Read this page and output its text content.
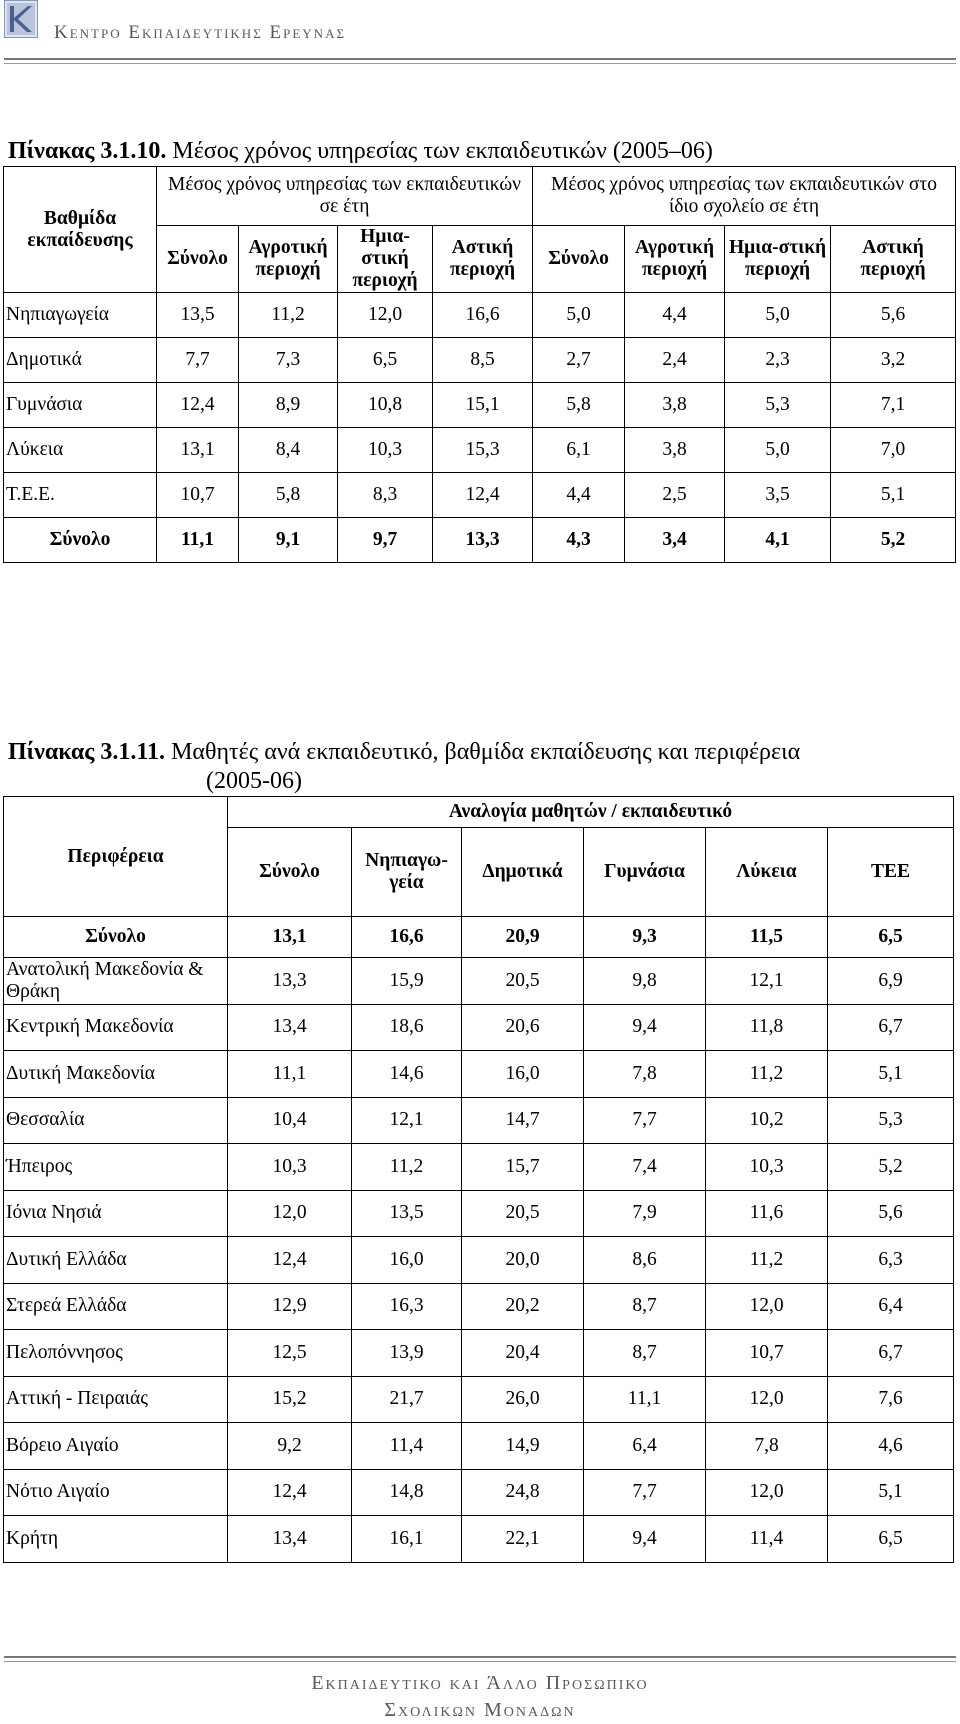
Κεντρο Εκπαιδευτικης Ερευνας
Πίνακας 3.1.10. Μέσος χρόνος υπηρεσίας των εκπαιδευτικών (2005–06)
Βαθμίδα εκπαίδευσης	Μέσος χρόνος υπηρεσίας των εκπαιδευτικών σε έτη				Μέσος χρόνος υπηρεσίας των εκπαιδευτικών στο ίδιο σχολείο σε έτη			
	Σύνολο	Αγροτική περιοχή	Ημια-στική περιοχή	Αστική περιοχή	Σύνολο	Αγροτική περιοχή	Ημια-στική περιοχή	Αστική περιοχή
Νηπιαγωγεία	13,5	11,2	12,0	16,6	5,0	4,4	5,0	5,6
Δημοτικά	7,7	7,3	6,5	8,5	2,7	2,4	2,3	3,2
Γυμνάσια	12,4	8,9	10,8	15,1	5,8	3,8	5,3	7,1
Λύκεια	13,1	8,4	10,3	15,3	6,1	3,8	5,0	7,0
Τ.Ε.Ε.	10,7	5,8	8,3	12,4	4,4	2,5	3,5	5,1
Σύνολο	11,1	9,1	9,7	13,3	4,3	3,4	4,1	5,2
Πίνακας 3.1.11. Μαθητές ανά εκπαιδευτικό, βαθμίδα εκπαίδευσης και περιφέρεια
(2005-06)
Περιφέρεια	Αναλογία μαθητών / εκπαιδευτικό					
	Σύνολο	Νηπιαγω-γεία	Δημοτικά	Γυμνάσια	Λύκεια	ΤΕΕ
Σύνολο	13,1	16,6	20,9	9,3	11,5	6,5
Ανατολική Μακεδονία & Θράκη	13,3	15,9	20,5	9,8	12,1	6,9
Κεντρική Μακεδονία	13,4	18,6	20,6	9,4	11,8	6,7
Δυτική Μακεδονία	11,1	14,6	16,0	7,8	11,2	5,1
Θεσσαλία	10,4	12,1	14,7	7,7	10,2	5,3
Ήπειρος	10,3	11,2	15,7	7,4	10,3	5,2
Ιόνια Νησιά	12,0	13,5	20,5	7,9	11,6	5,6
Δυτική Ελλάδα	12,4	16,0	20,0	8,6	11,2	6,3
Στερεά Ελλάδα	12,9	16,3	20,2	8,7	12,0	6,4
Πελοπόννησος	12,5	13,9	20,4	8,7	10,7	6,7
Αττική - Πειραιάς	15,2	21,7	26,0	11,1	12,0	7,6
Βόρειο Αιγαίο	9,2	11,4	14,9	6,4	7,8	4,6
Νότιο Αιγαίο	12,4	14,8	24,8	7,7	12,0	5,1
Κρήτη	13,4	16,1	22,1	9,4	11,4	6,5
Εκπαιδευτικο και Άλλο Προσωπικο
Σχολικων Μοναδων
